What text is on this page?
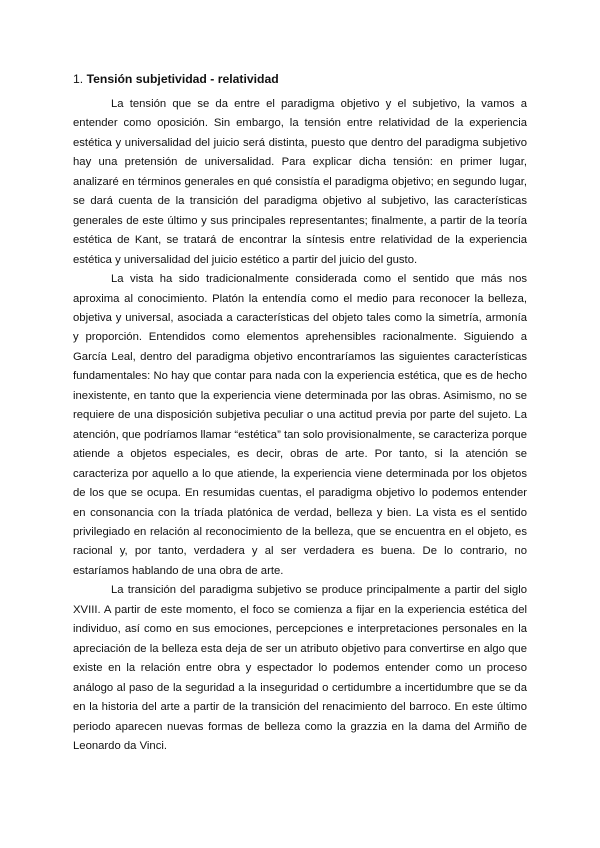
1. Tensión subjetividad - relatividad

La tensión que se da entre el paradigma objetivo y el subjetivo, la vamos a entender como oposición. Sin embargo, la tensión entre relatividad de la experiencia estética y universalidad del juicio será distinta, puesto que dentro del paradigma subjetivo hay una pretensión de universalidad. Para explicar dicha tensión: en primer lugar, analizaré en términos generales en qué consistía el paradigma objetivo; en segundo lugar, se dará cuenta de la transición del paradigma objetivo al subjetivo, las características generales de este último y sus principales representantes; finalmente, a partir de la teoría estética de Kant, se tratará de encontrar la síntesis entre relatividad de la experiencia estética y universalidad del juicio estético a partir del juicio del gusto.

La vista ha sido tradicionalmente considerada como el sentido que más nos aproxima al conocimiento. Platón la entendía como el medio para reconocer la belleza, objetiva y universal, asociada a características del objeto tales como la simetría, armonía y proporción. Entendidos como elementos aprehensibles racionalmente. Siguiendo a García Leal, dentro del paradigma objetivo encontraríamos las siguientes características fundamentales: No hay que contar para nada con la experiencia estética, que es de hecho inexistente, en tanto que la experiencia viene determinada por las obras. Asimismo, no se requiere de una disposición subjetiva peculiar o una actitud previa por parte del sujeto. La atención, que podríamos llamar “estética” tan solo provisionalmente, se caracteriza porque atiende a objetos especiales, es decir, obras de arte. Por tanto, si la atención se caracteriza por aquello a lo que atiende, la experiencia viene determinada por los objetos de los que se ocupa. En resumidas cuentas, el paradigma objetivo lo podemos entender en consonancia con la tríada platónica de verdad, belleza y bien. La vista es el sentido privilegiado en relación al reconocimiento de la belleza, que se encuentra en el objeto, es racional y, por tanto, verdadera y al ser verdadera es buena. De lo contrario, no estaríamos hablando de una obra de arte.

La transición del paradigma subjetivo se produce principalmente a partir del siglo XVIII. A partir de este momento, el foco se comienza a fijar en la experiencia estética del individuo, así como en sus emociones, percepciones e interpretaciones personales en la apreciación de la belleza esta deja de ser un atributo objetivo para convertirse en algo que existe en la relación entre obra y espectador lo podemos entender como un proceso análogo al paso de la seguridad a la inseguridad o certidumbre a incertidumbre que se da en la historia del arte a partir de la transición del renacimiento del barroco. En este último periodo aparecen nuevas formas de belleza como la grazzia en la dama del Armiño de Leonardo da Vinci.
